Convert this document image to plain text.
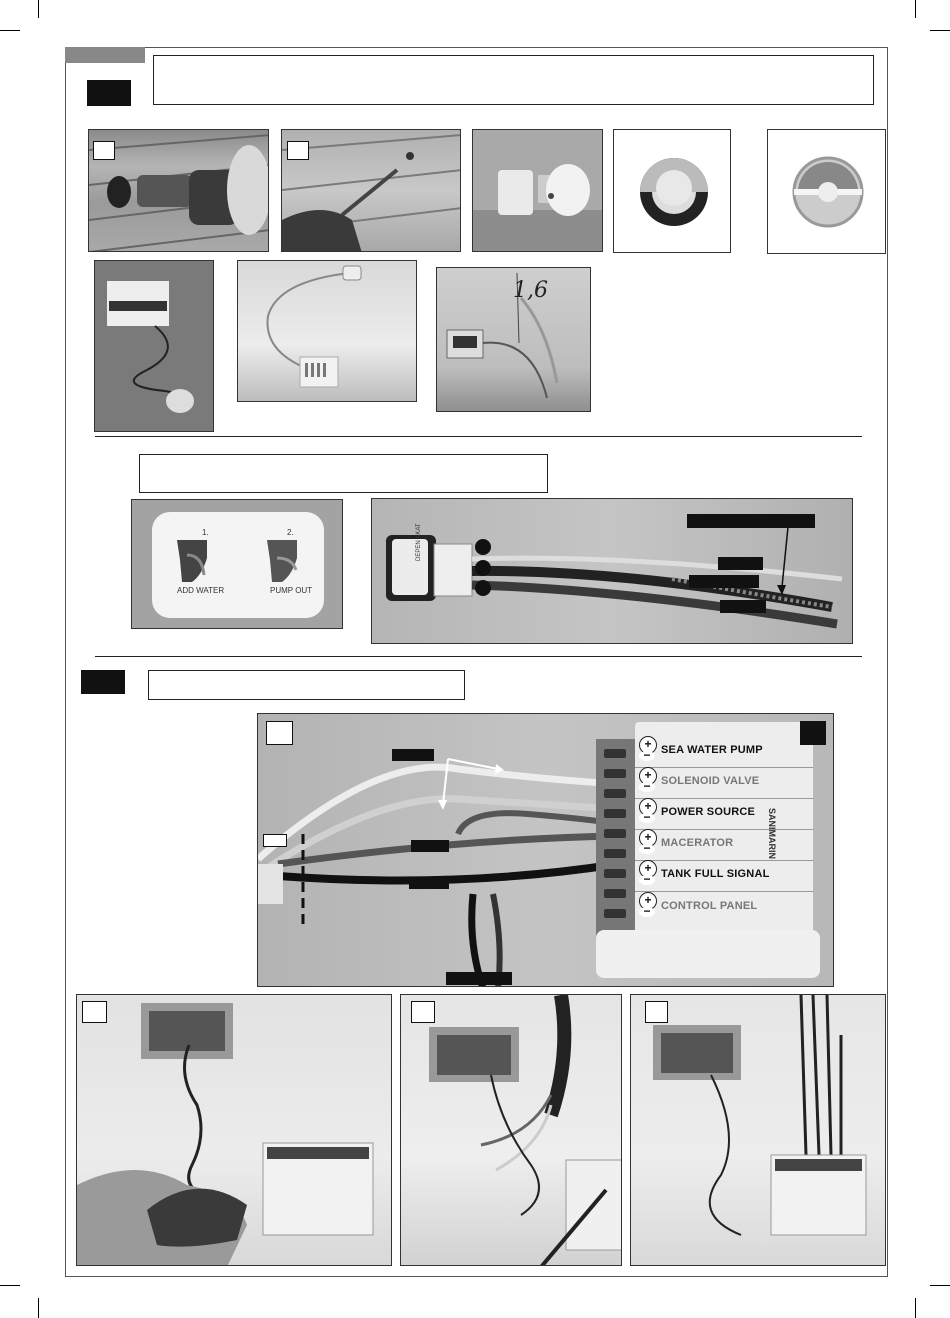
1,6
1.
ADD WATER
2.
PUMP OUT
DEPEN KKAT
+
− SEA WATER PUMP
+
− SOLENOID VALVE
+
− POWER SOURCE
+
− MACERATOR
+
− TANK FULL SIGNAL
+
− CONTROL PANEL
SANIMARIN
